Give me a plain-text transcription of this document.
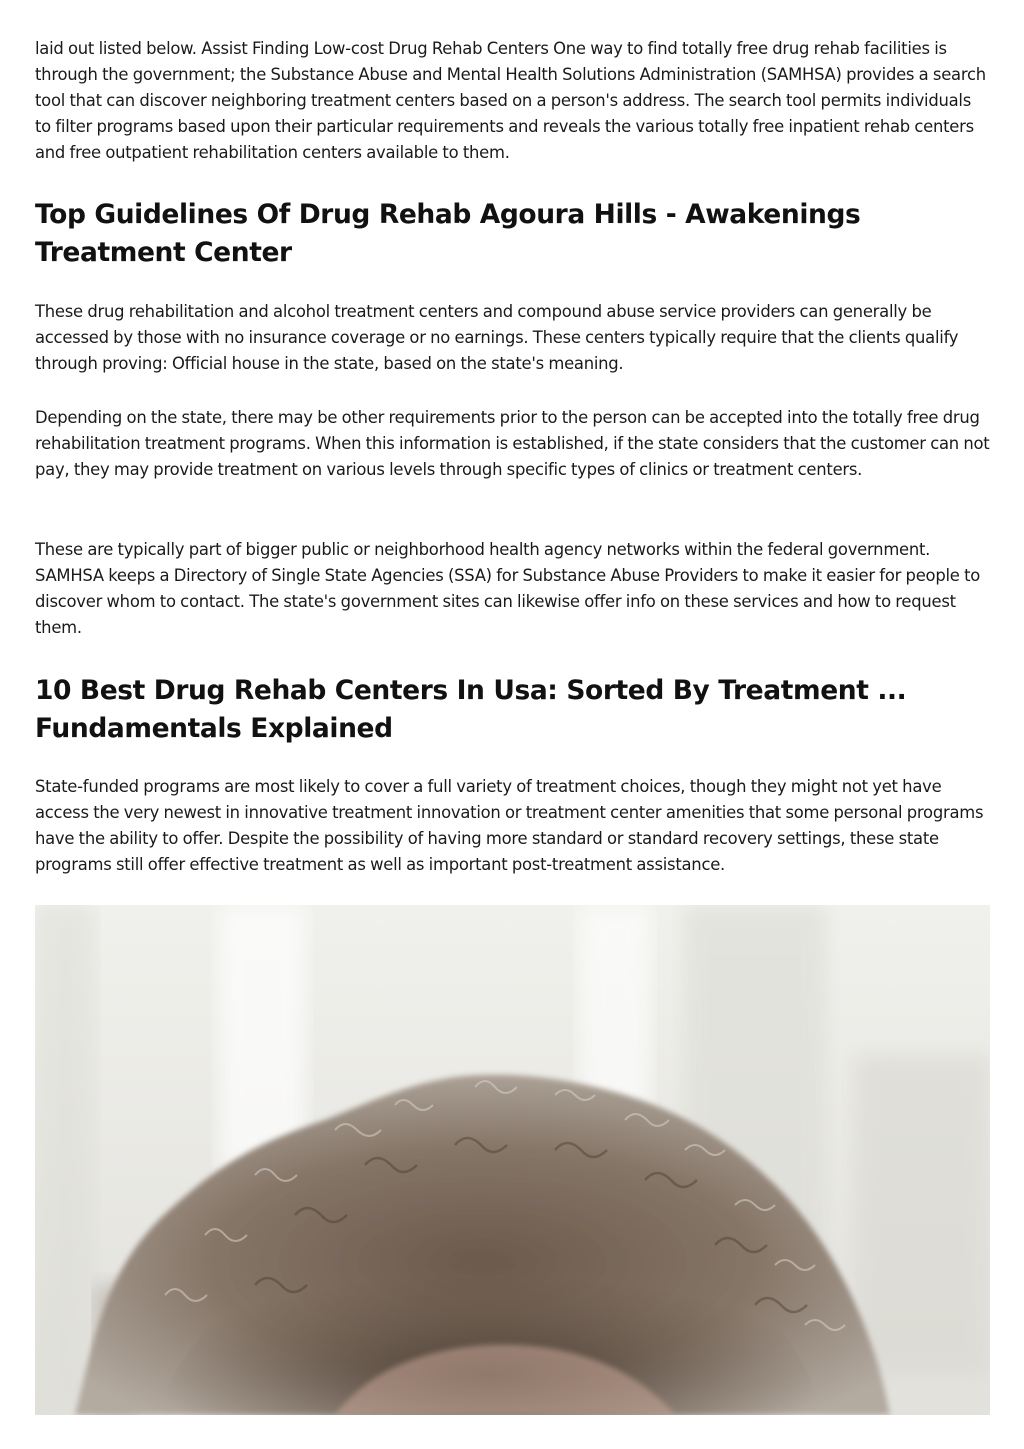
laid out listed below. Assist Finding Low-cost Drug Rehab Centers One way to find totally free drug rehab facilities is through the government; the Substance Abuse and Mental Health Solutions Administration (SAMHSA) provides a search tool that can discover neighboring treatment centers based on a person's address. The search tool permits individuals to filter programs based upon their particular requirements and reveals the various totally free inpatient rehab centers and free outpatient rehabilitation centers available to them.

Top Guidelines Of Drug Rehab Agoura Hills - Awakenings Treatment Center

These drug rehabilitation and alcohol treatment centers and compound abuse service providers can generally be accessed by those with no insurance coverage or no earnings. These centers typically require that the clients qualify through proving: Official house in the state, based on the state's meaning.

Depending on the state, there may be other requirements prior to the person can be accepted into the totally free drug rehabilitation treatment programs. When this information is established, if the state considers that the customer can not pay, they may provide treatment on various levels through specific types of clinics or treatment centers.

These are typically part of bigger public or neighborhood health agency networks within the federal government. SAMHSA keeps a Directory of Single State Agencies (SSA) for Substance Abuse Providers to make it easier for people to discover whom to contact. The state's government sites can likewise offer info on these services and how to request them.

10 Best Drug Rehab Centers In Usa: Sorted By Treatment ... Fundamentals Explained

State-funded programs are most likely to cover a full variety of treatment choices, though they might not yet have access the very newest in innovative treatment innovation or treatment center amenities that some personal programs have the ability to offer. Despite the possibility of having more standard or standard recovery settings, these state programs still offer effective treatment as well as important post-treatment assistance.
